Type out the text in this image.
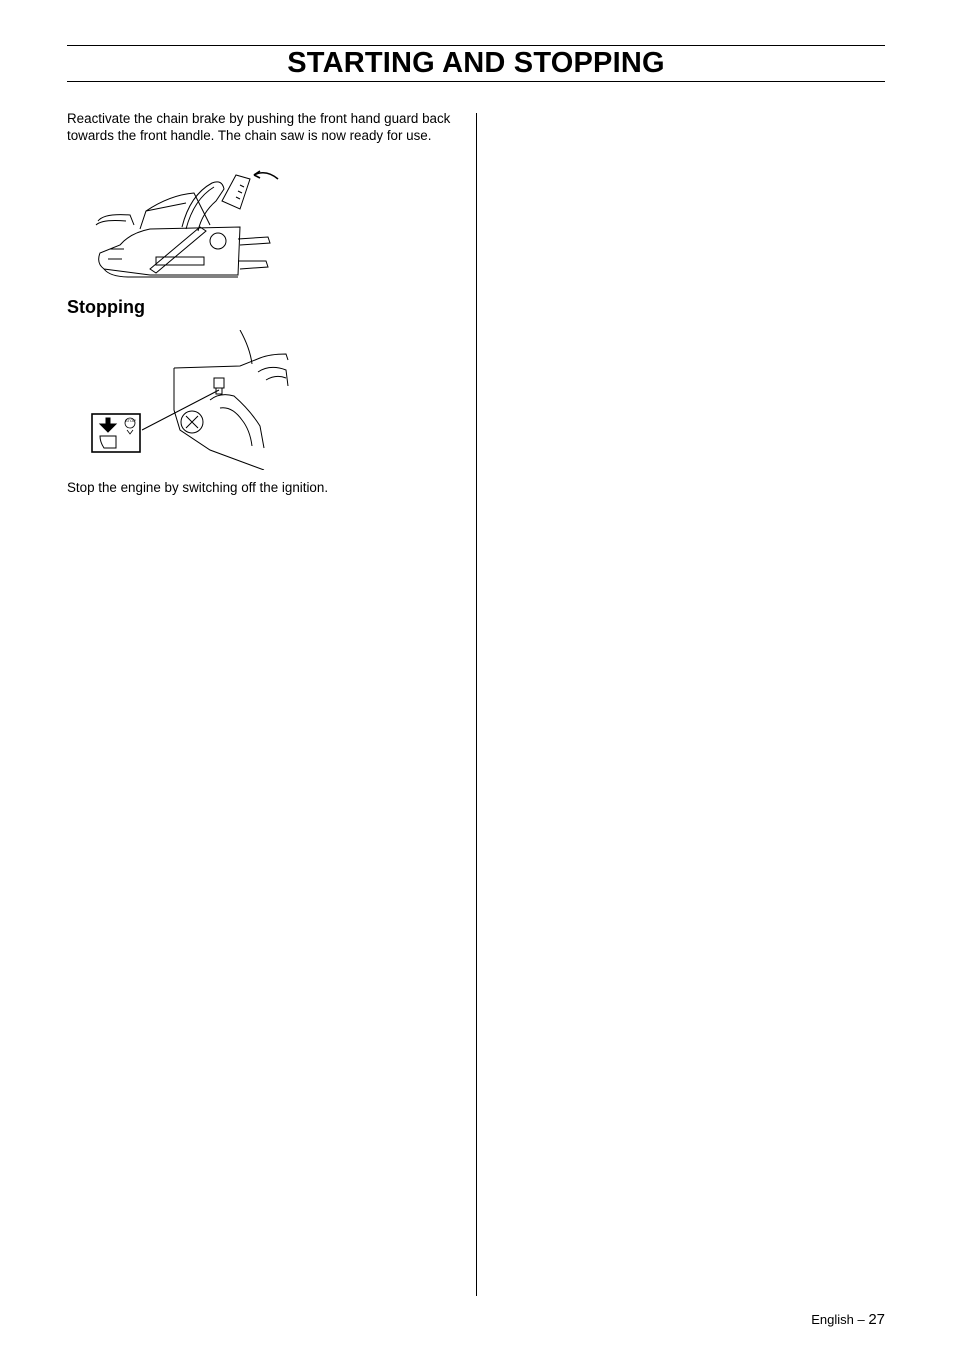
STARTING AND STOPPING

Reactivate the chain brake by pushing the front hand guard back towards the front handle. The chain saw is now ready for use.

Stopping
STOP

Stop the engine by switching off the ignition.

English – 27
